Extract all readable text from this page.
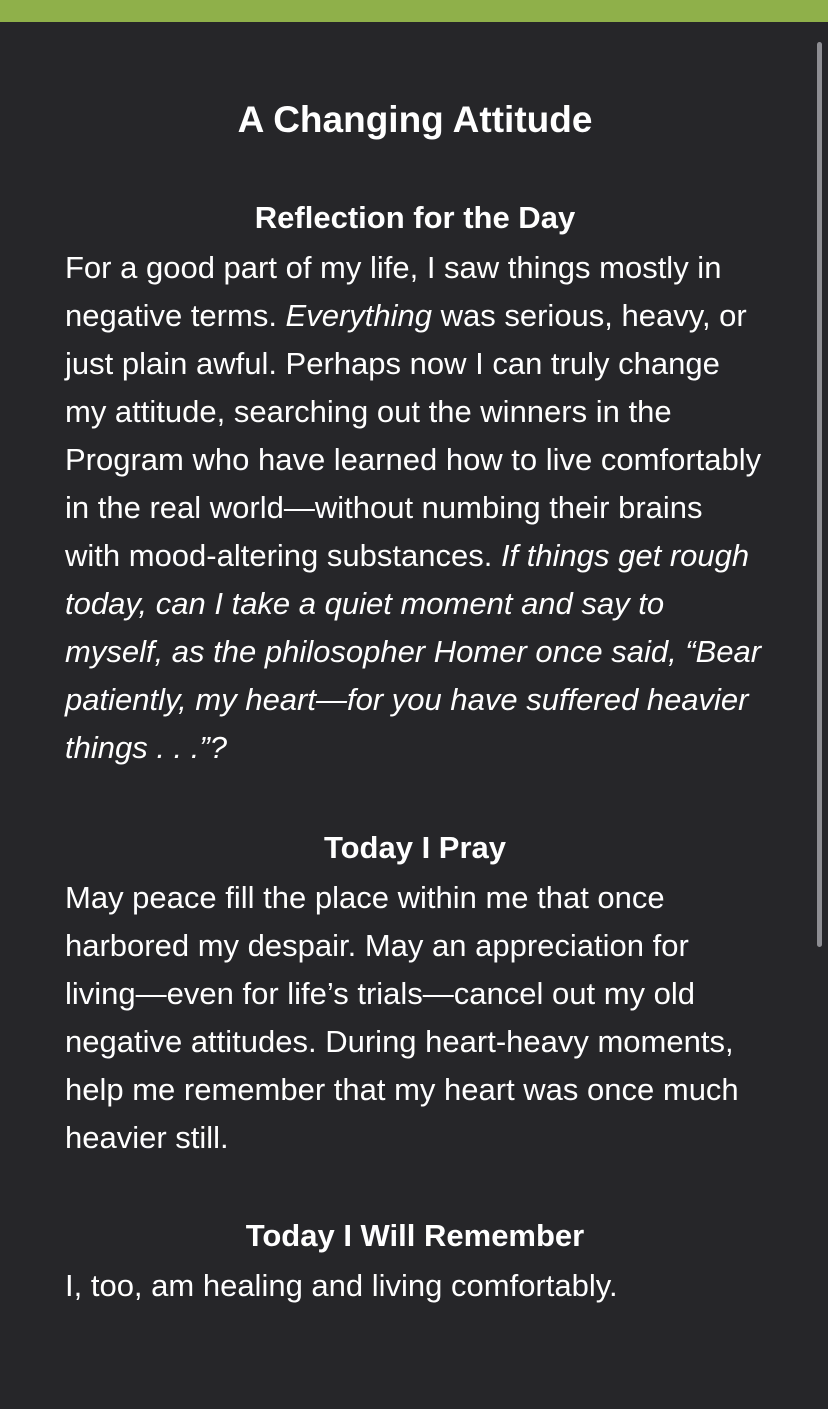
A Changing Attitude
Reflection for the Day

For a good part of my life, I saw things mostly in negative terms. Everything was serious, heavy, or just plain awful. Perhaps now I can truly change my attitude, searching out the winners in the Program who have learned how to live comfortably in the real world—without numbing their brains with mood-altering substances. If things get rough today, can I take a quiet moment and say to myself, as the philosopher Homer once said, “Bear patiently, my heart—for you have suffered heavier things . . .”?

Today I Pray

May peace fill the place within me that once harbored my despair. May an appreciation for living—even for life’s trials—cancel out my old negative attitudes. During heart-heavy moments, help me remember that my heart was once much heavier still.

Today I Will Remember

I, too, am healing and living comfortably.
